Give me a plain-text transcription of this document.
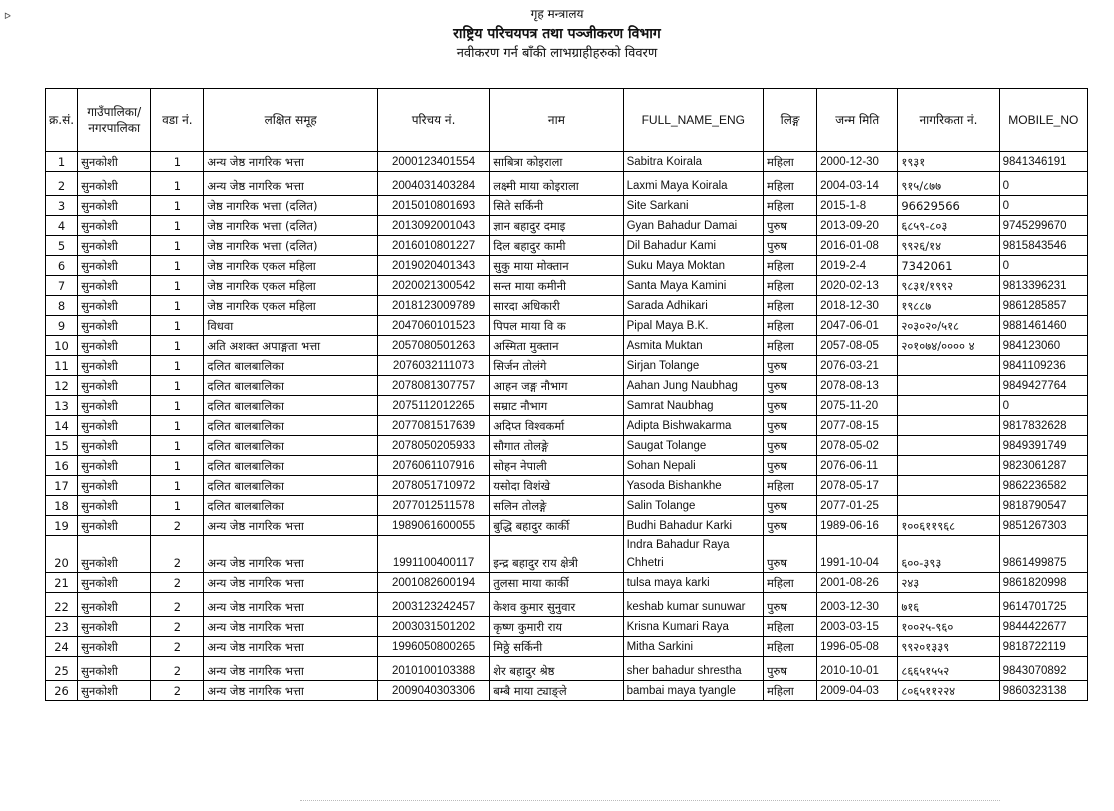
ᐅ	गृह मन्त्रालय
राष्ट्रिय परिचयपत्र तथा पञ्जीकरण विभाग
नवीकरण गर्न बाँकी लाभग्राहीहरुको विवरण
क्र.सं.	गाउँपालिका/नगरपालिका	वडा नं.	लक्षित समूह	परिचय नं.	नाम	FULL_NAME_ENG	लिङ्ग	जन्म मिति	नागरिकता नं.	MOBILE_NO
1	सुनकोशी	1	अन्य जेष्ठ नागरिक भत्ता	2000123401554	साबित्रा कोइराला	Sabitra Koirala	महिला	2000-12-30	१९३१	9841346191
2	सुनकोशी	1	अन्य जेष्ठ नागरिक भत्ता	2004031403284	लक्ष्मी माया कोइराला	Laxmi Maya Koirala	महिला	2004-03-14	९१५/८७७	0
3	सुनकोशी	1	जेष्ठ नागरिक भत्ता (दलित)	2015010801693	सिते सर्किनी	Site Sarkani	महिला	2015-1-8	96629566	0
4	सुनकोशी	1	जेष्ठ नागरिक भत्ता (दलित)	2013092001043	ज्ञान बहादुर दमाइ	Gyan Bahadur Damai	पुरुष	2013-09-20	६८५९-८०३	9745299670
5	सुनकोशी	1	जेष्ठ नागरिक भत्ता (दलित)	2016010801227	दिल बहादुर कामी	Dil Bahadur Kami	पुरुष	2016-01-08	९९२६/१४	9815843546
6	सुनकोशी	1	जेष्ठ नागरिक एकल महिला	2019020401343	सुकु माया मोक्तान	Suku Maya Moktan	महिला	2019-2-4	7342061	0
7	सुनकोशी	1	जेष्ठ नागरिक एकल महिला	2020021300542	सन्त माया कमीनी	Santa Maya Kamini	महिला	2020-02-13	९८३१/१९९२	9813396231
8	सुनकोशी	1	जेष्ठ नागरिक एकल महिला	2018123009789	सारदा अधिकारी	Sarada Adhikari	महिला	2018-12-30	१९८८७	9861285857
9	सुनकोशी	1	विधवा	2047060101523	पिपल माया वि क	Pipal Maya B.K.	महिला	2047-06-01	२०३०२०/५१८	9881461460
10	सुनकोशी	1	अति अशक्त अपाङ्गता भत्ता	2057080501263	अस्मिता मुक्तान	Asmita Muktan	महिला	2057-08-05	२०१०७४/०००० ४	984123060
11	सुनकोशी	1	दलित बालबालिका	2076032111073	सिर्जन तोलंगे	Sirjan Tolange	पुरुष	2076-03-21		9841109236
12	सुनकोशी	1	दलित बालबालिका	2078081307757	आहन जङ्ग नौभाग	Aahan Jung Naubhag	पुरुष	2078-08-13		9849427764
13	सुनकोशी	1	दलित बालबालिका	2075112012265	सम्राट नौभाग	Samrat Naubhag	पुरुष	2075-11-20		0
14	सुनकोशी	1	दलित बालबालिका	2077081517639	अदिप्त विश्वकर्मा	Adipta Bishwakarma	पुरुष	2077-08-15		9817832628
15	सुनकोशी	1	दलित बालबालिका	2078050205933	सौगात तोलङ्गे	Saugat Tolange	पुरुष	2078-05-02		9849391749
16	सुनकोशी	1	दलित बालबालिका	2076061107916	सोहन नेपाली	Sohan Nepali	पुरुष	2076-06-11		9823061287
17	सुनकोशी	1	दलित बालबालिका	2078051710972	यसोदा विशंखे	Yasoda Bishankhe	महिला	2078-05-17		9862236582
18	सुनकोशी	1	दलित बालबालिका	2077012511578	सलिन तोलङ्गे	Salin Tolange	पुरुष	2077-01-25		9818790547
19	सुनकोशी	2	अन्य जेष्ठ नागरिक भत्ता	1989061600055	बुद्धि बहादुर कार्की	Budhi Bahadur Karki	पुरुष	1989-06-16	१००६११९६८	9851267303
20	सुनकोशी	2	अन्य जेष्ठ नागरिक भत्ता	1991100400117	इन्द्र बहादुर राय क्षेत्री	Indra Bahadur Raya Chhetri	पुरुष	1991-10-04	६००-३९३	9861499875
21	सुनकोशी	2	अन्य जेष्ठ नागरिक भत्ता	2001082600194	तुलसा माया कार्की	tulsa maya karki	महिला	2001-08-26	२४३	9861820998
22	सुनकोशी	2	अन्य जेष्ठ नागरिक भत्ता	2003123242457	केशव कुमार सुनुवार	keshab kumar sunuwar	पुरुष	2003-12-30	७१६	9614701725
23	सुनकोशी	2	अन्य जेष्ठ नागरिक भत्ता	2003031501202	कृष्ण कुमारी राय	Krisna Kumari Raya	महिला	2003-03-15	१००२५-९६०	9844422677
24	सुनकोशी	2	अन्य जेष्ठ नागरिक भत्ता	1996050800265	मिठ्ठे सर्किनी	Mitha Sarkini	महिला	1996-05-08	९९२०१३३९	9818722119
25	सुनकोशी	2	अन्य जेष्ठ नागरिक भत्ता	2010100103388	शेर बहादुर श्रेष्ठ	sher bahadur shrestha	पुरुष	2010-10-01	८६६५१५५२	9843070892
26	सुनकोशी	2	अन्य जेष्ठ नागरिक भत्ता	2009040303306	बम्बै माया ट्याङ्ले	bambai maya tyangle	महिला	2009-04-03	८०६५११२२४	9860323138
